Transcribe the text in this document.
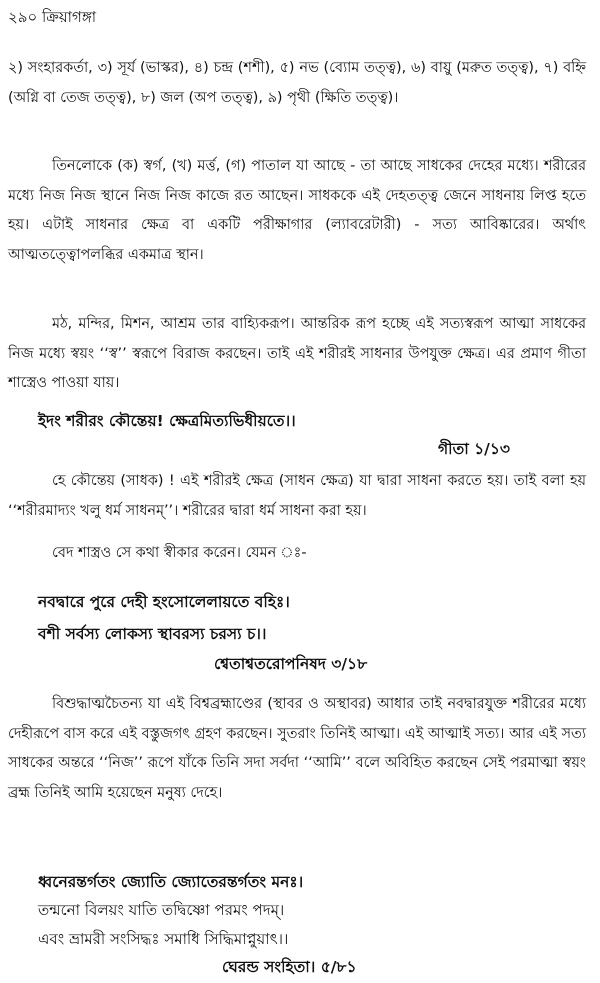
২৯০ ক্রিয়াগঙ্গা
২) সংহারকর্তা, ৩) সূর্য (ভাস্কর), ৪) চন্দ্র (শশী), ৫) নভ (ব্যোম তত্ত্ব), ৬) বায়ু (মরুত তত্ত্ব), ৭) বহ্নি (অগ্নি বা তেজ তত্ত্ব), ৮) জল (অপ তত্ত্ব), ৯) পৃথী (ক্ষিতি তত্ত্ব)।
তিনলোকে (ক) স্বর্গ, (খ) মর্ত্ত, (গ) পাতাল যা আছে - তা আছে সাধকের দেহের মধ্যে। শরীরের মধ্যে নিজ নিজ স্থানে নিজ নিজ কাজে রত আছেন। সাধককে এই দেহতত্ত্ব জেনে সাধনায় লিপ্ত হতে হয়। এটাই সাধনার ক্ষেত্র বা একটি পরীক্ষাগার (ল্যাবরেটারী) - সত্য আবিষ্কারের। অর্থাৎ আত্মতত্ত্বোপলব্ধির একমাত্র স্থান।
মঠ, মন্দির, মিশন, আশ্রম তার বাহ্যিকরূপ। আন্তরিক রূপ হচ্ছে এই সত্যস্বরূপ আত্মা সাধকের নিজ মধ্যে স্বয়ং ‘‘স্ব’’ স্বরূপে বিরাজ করছেন। তাই এই শরীরই সাধনার উপযুক্ত ক্ষেত্র। এর প্রমাণ গীতা শাস্ত্রেও পাওয়া যায়।
ইদং শরীরং কৌন্তেয়! ক্ষেত্রমিত্যভিধীয়তে।।
গীতা ১/১৩
হে কৌন্তেয় (সাধক) ! এই শরীরই ক্ষেত্র (সাধন ক্ষেত্র) যা দ্বারা সাধনা করতে হয়। তাই বলা হয় ‘‘শরীরমাদ্যং খলু ধর্ম সাধনম্’’। শরীরের দ্বারা ধর্ম সাধনা করা হয়।
বেদ শাস্ত্রও সে কথা স্বীকার করেন। যেমন ঃ-
নবদ্বারে পুরে দেহী হংসোলেলায়তে বহিঃ।
বশী সর্বস্য লোকস্য স্থাবরস্য চরস্য চ।।
শ্বেতাশ্বতরোপনিষদ ৩/১৮
বিশুদ্ধাত্মচৈতন্য যা এই বিশ্বব্রহ্মাণ্ডের (স্থাবর ও অস্থাবর) আধার তাই নবদ্বারযুক্ত শরীরের মধ্যে দেহীরূপে বাস করে এই বস্তুজগৎ গ্রহণ করছেন। সুতরাং তিনিই আত্মা। এই আত্মাই সত্য। আর এই সত্য সাধকের অন্তরে ‘‘নিজ’’ রূপে যাঁকে তিনি সদা সর্বদা ‘‘আমি’’ বলে অবিহিত করছেন সেই পরমাত্মা স্বয়ং ব্রহ্ম তিনিই আমি হয়েছেন মনুষ্য দেহে।
ধ্বনেরন্তর্গতং জ্যোতি জ্যোতেরন্তর্গতং মনঃ।
তন্মনো বিলয়ং যাতি তদ্বিষ্ণো পরমং পদম্।
এবং ভ্রামরী সংসিদ্ধঃ সমাধি সিদ্ধিমাপ্নুয়াৎ।।
ঘেরন্ড সংহিতা। ৫/৮১
